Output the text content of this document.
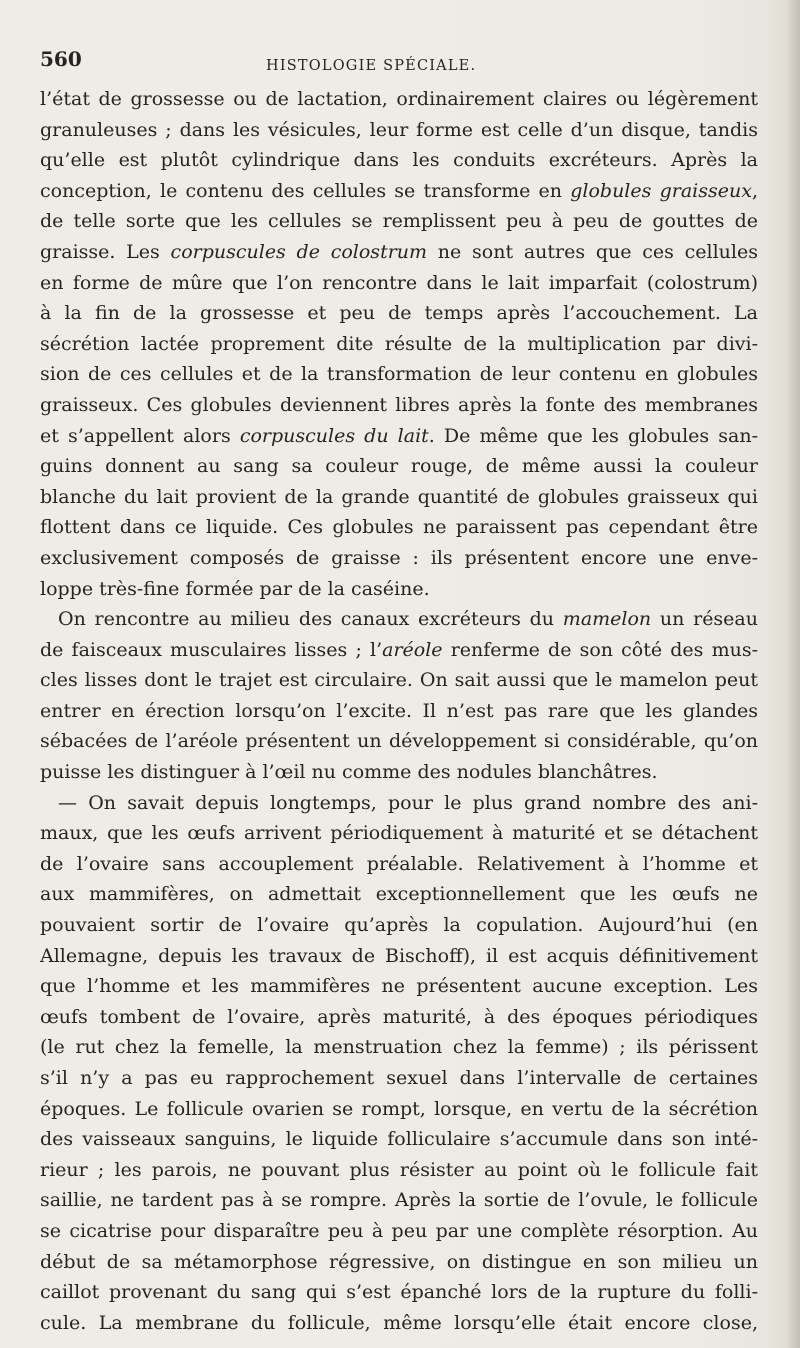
560	HISTOLOGIE SPÉCIALE.
l’état de grossesse ou de lactation, ordinairement claires ou légèrement
granuleuses ; dans les vésicules, leur forme est celle d’un disque, tandis
qu’elle est plutôt cylindrique dans les conduits excréteurs. Après la
conception, le contenu des cellules se transforme en globules graisseux,
de telle sorte que les cellules se remplissent peu à peu de gouttes de
graisse. Les corpuscules de colostrum ne sont autres que ces cellules
en forme de mûre que l’on rencontre dans le lait imparfait (colostrum)
à la fin de la grossesse et peu de temps après l’accouchement. La
sécrétion lactée proprement dite résulte de la multiplication par divi-
sion de ces cellules et de la transformation de leur contenu en globules
graisseux. Ces globules deviennent libres après la fonte des membranes
et s’appellent alors corpuscules du lait. De même que les globules san-
guins donnent au sang sa couleur rouge, de même aussi la couleur
blanche du lait provient de la grande quantité de globules graisseux qui
flottent dans ce liquide. Ces globules ne paraissent pas cependant être
exclusivement composés de graisse : ils présentent encore une enve-
loppe très-fine formée par de la caséine.
On rencontre au milieu des canaux excréteurs du mamelon un réseau
de faisceaux musculaires lisses ; l’aréole renferme de son côté des mus-
cles lisses dont le trajet est circulaire. On sait aussi que le mamelon peut
entrer en érection lorsqu’on l’excite. Il n’est pas rare que les glandes
sébacées de l’aréole présentent un développement si considérable, qu’on
puisse les distinguer à l’œil nu comme des nodules blanchâtres.
— On savait depuis longtemps, pour le plus grand nombre des ani-
maux, que les œufs arrivent périodiquement à maturité et se détachent
de l’ovaire sans accouplement préalable. Relativement à l’homme et
aux mammifères, on admettait exceptionnellement que les œufs ne
pouvaient sortir de l’ovaire qu’après la copulation. Aujourd’hui (en
Allemagne, depuis les travaux de Bischoff), il est acquis définitivement
que l’homme et les mammifères ne présentent aucune exception. Les
œufs tombent de l’ovaire, après maturité, à des époques périodiques
(le rut chez la femelle, la menstruation chez la femme) ; ils périssent
s’il n’y a pas eu rapprochement sexuel dans l’intervalle de certaines
époques. Le follicule ovarien se rompt, lorsque, en vertu de la sécrétion
des vaisseaux sanguins, le liquide folliculaire s’accumule dans son inté-
rieur ; les parois, ne pouvant plus résister au point où le follicule fait
saillie, ne tardent pas à se rompre. Après la sortie de l’ovule, le follicule
se cicatrise pour disparaître peu à peu par une complète résorption. Au
début de sa métamorphose régressive, on distingue en son milieu un
caillot provenant du sang qui s’est épanché lors de la rupture du folli-
cule. La membrane du follicule, même lorsqu’elle était encore close,
